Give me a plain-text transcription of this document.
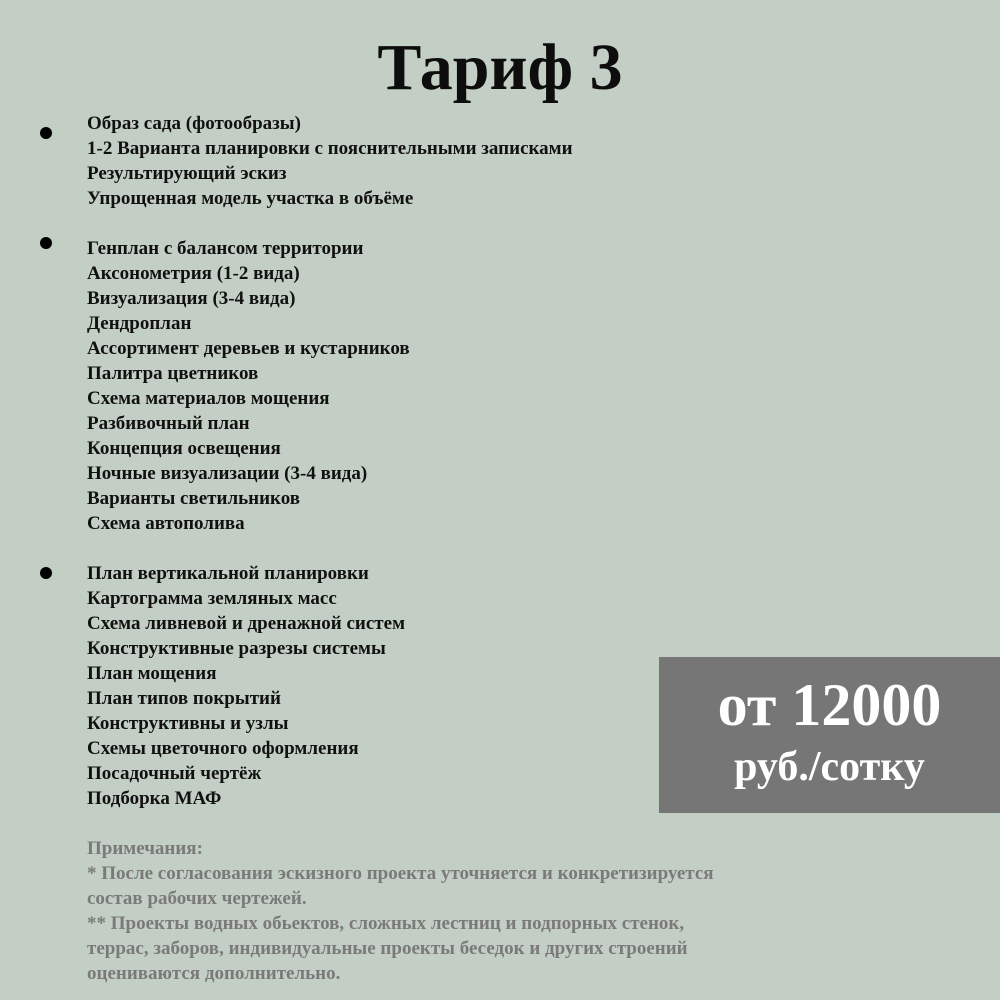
Тариф 3
Образ сада (фотообразы)
1-2 Варианта планировки с пояснительными записками
Результирующий эскиз
Упрощенная модель участка в объёме
Генплан с балансом территории
Аксонометрия (1-2 вида)
Визуализация (3-4 вида)
Дендроплан
Ассортимент деревьев и кустарников
Палитра цветников
Схема материалов мощения
Разбивочный план
Концепция освещения
Ночные визуализации (3-4 вида)
Варианты светильников
Схема автополива
План вертикальной планировки
Картограмма земляных масс
Схема ливневой и дренажной систем
Конструктивные разрезы системы
План мощения
План типов покрытий
Конструктивны и узлы
Схемы цветочного оформления
Посадочный чертёж
Подборка МАФ
от 12000
руб./сотку
Примечания:
* После согласования эскизного проекта уточняется и конкретизируется
состав рабочих чертежей.
** Проекты водных обьектов, сложных лестниц и подпорных стенок,
террас, заборов, индивидуальные проекты беседок и других строений
оцениваются дополнительно.
